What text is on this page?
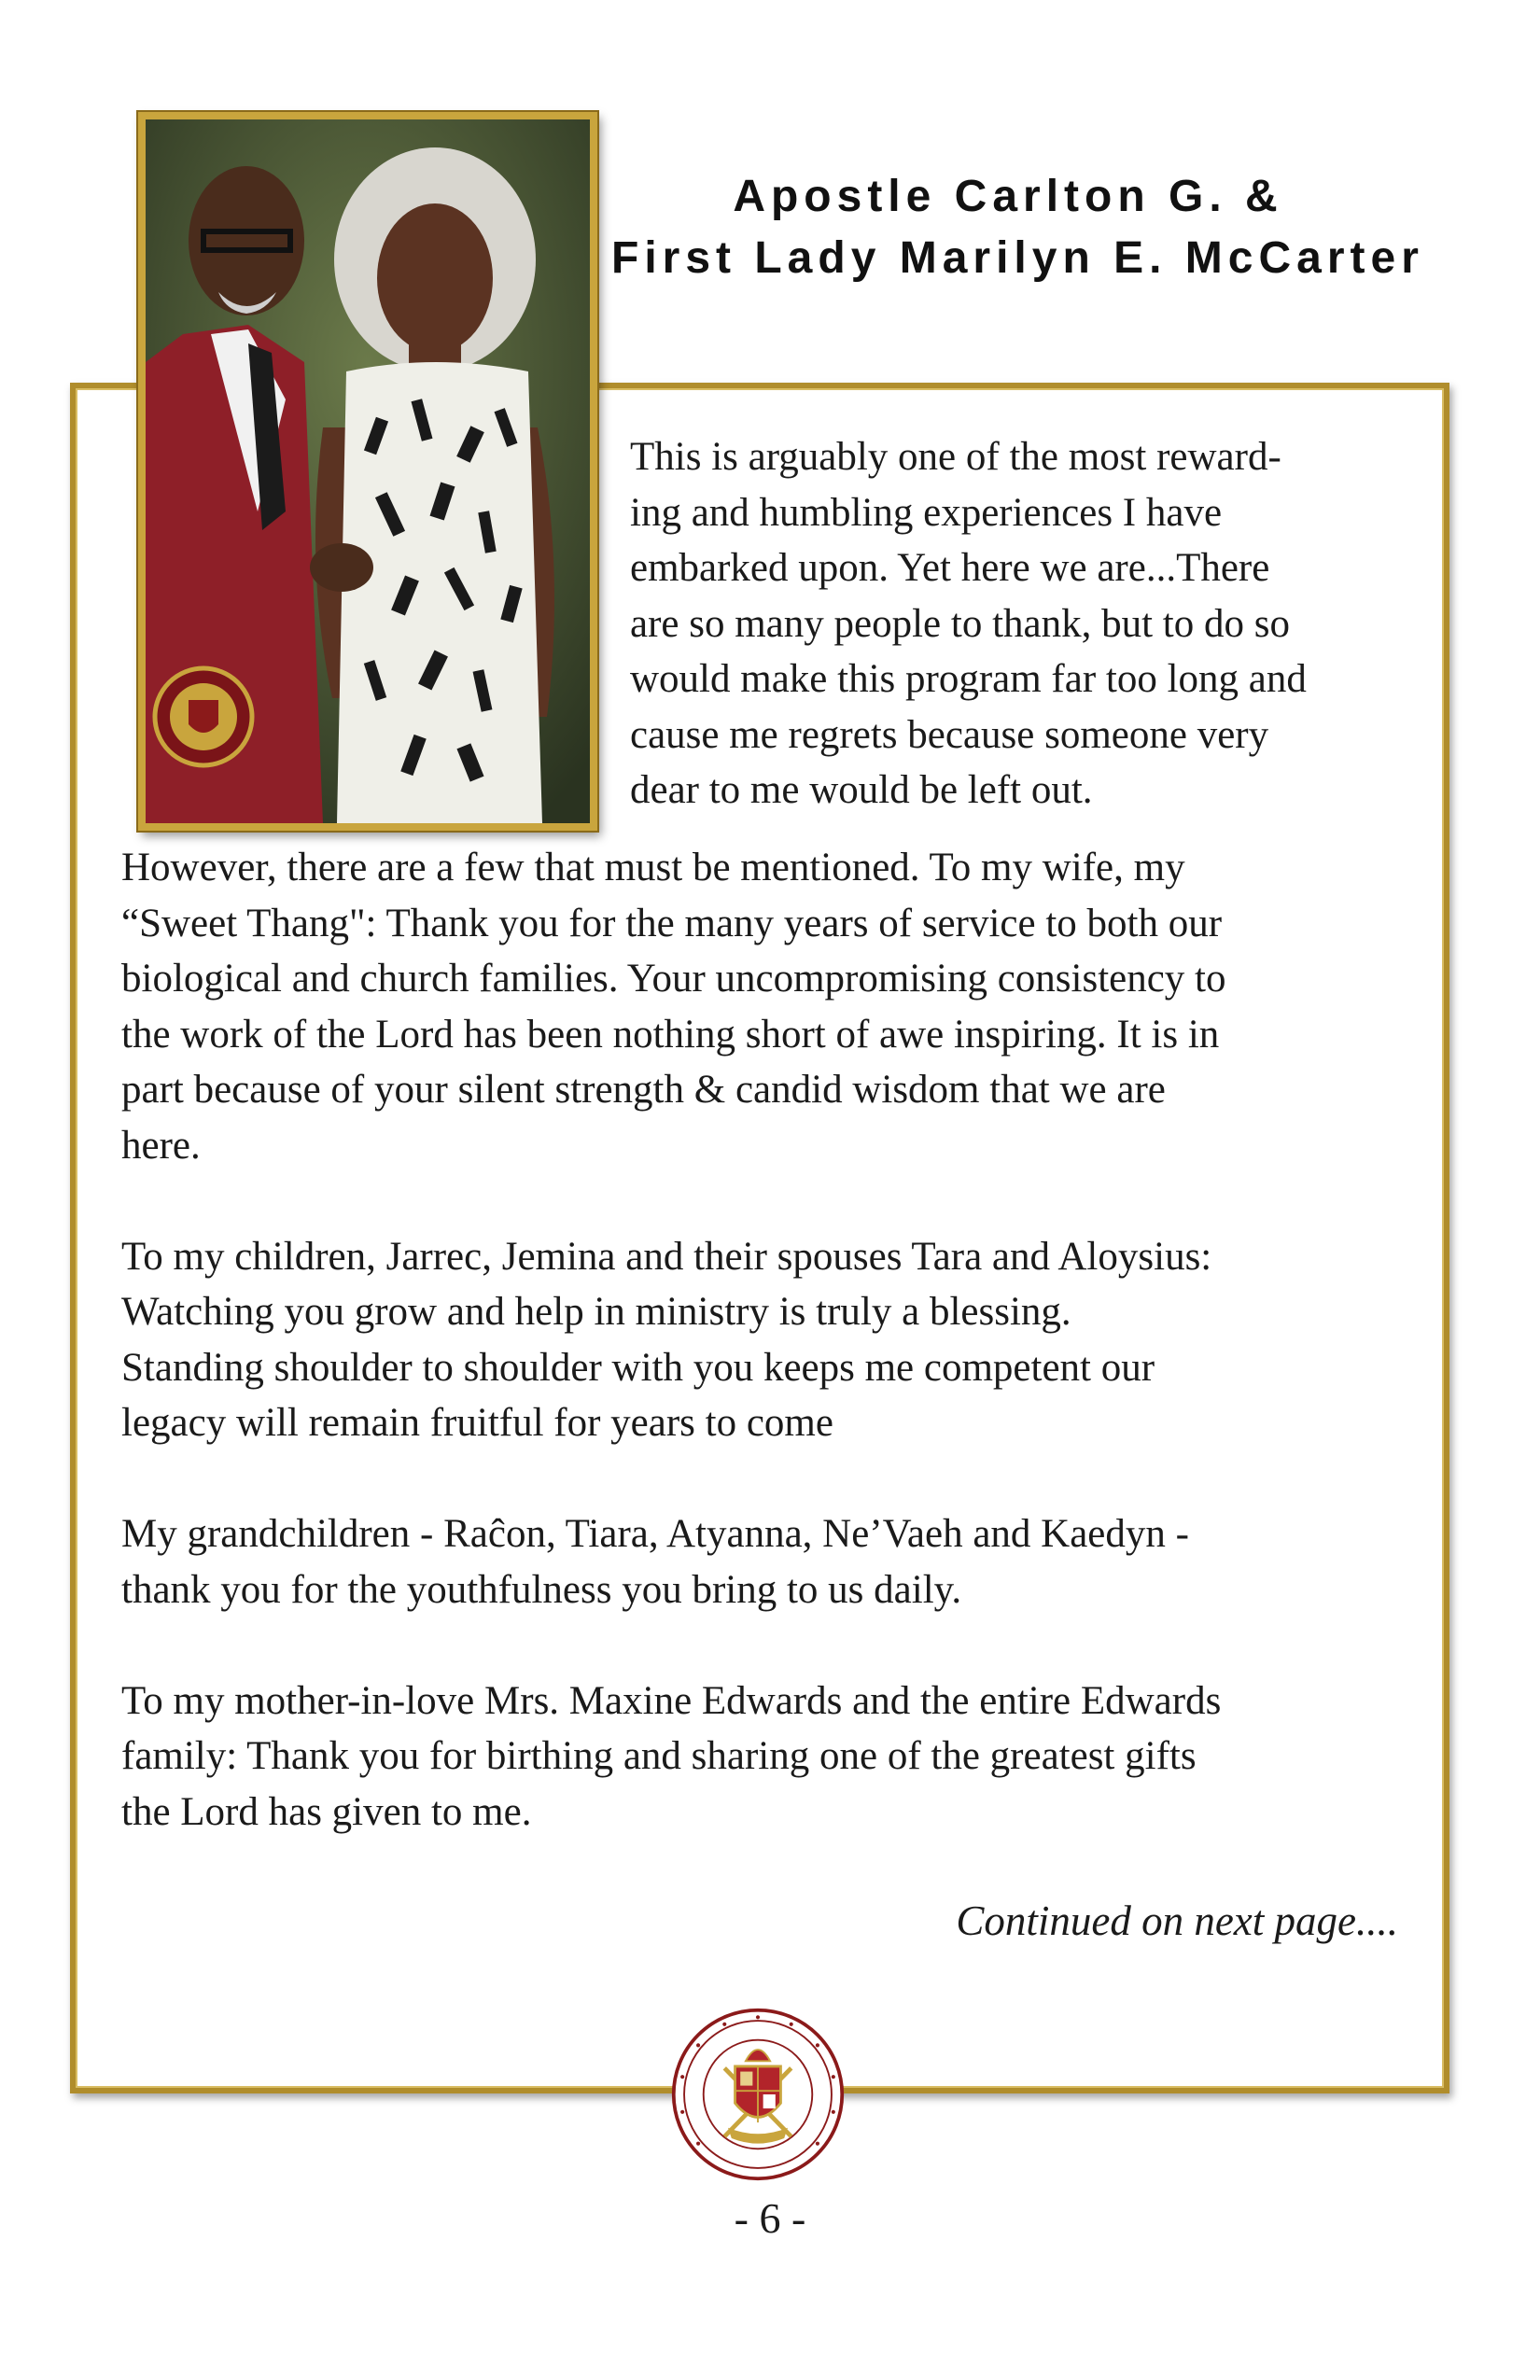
Apostle Carlton G. &
First Lady Marilyn E. McCarter
This is arguably one of the most reward-
ing and humbling experiences I have
embarked upon. Yet here we are...There
are so many people to thank, but to do so
would make this program far too long and
cause me regrets because someone very
dear to me would be left out.
However, there are a few that must be mentioned. To my wife, my
“Sweet Thang": Thank you for the many years of service to both our
biological and church families. Your uncompromising consistency to
the work of the Lord has been nothing short of awe inspiring. It is in
part because of your silent strength & candid wisdom that we are
here.
To my children, Jarrec, Jemina and their spouses Tara and Aloysius:
Watching you grow and help in ministry is truly a blessing.
Standing shoulder to shoulder with you keeps me competent our
legacy will remain fruitful for years to come
My grandchildren - Raĉon, Tiara, Atyanna, Ne’Vaeh and Kaedyn -
thank you for the youthfulness you bring to us daily.
To my mother-in-love Mrs. Maxine Edwards and the entire Edwards
family: Thank you for birthing and sharing one of the greatest gifts
the Lord has given to me.
Continued on next page....
- 6 -
